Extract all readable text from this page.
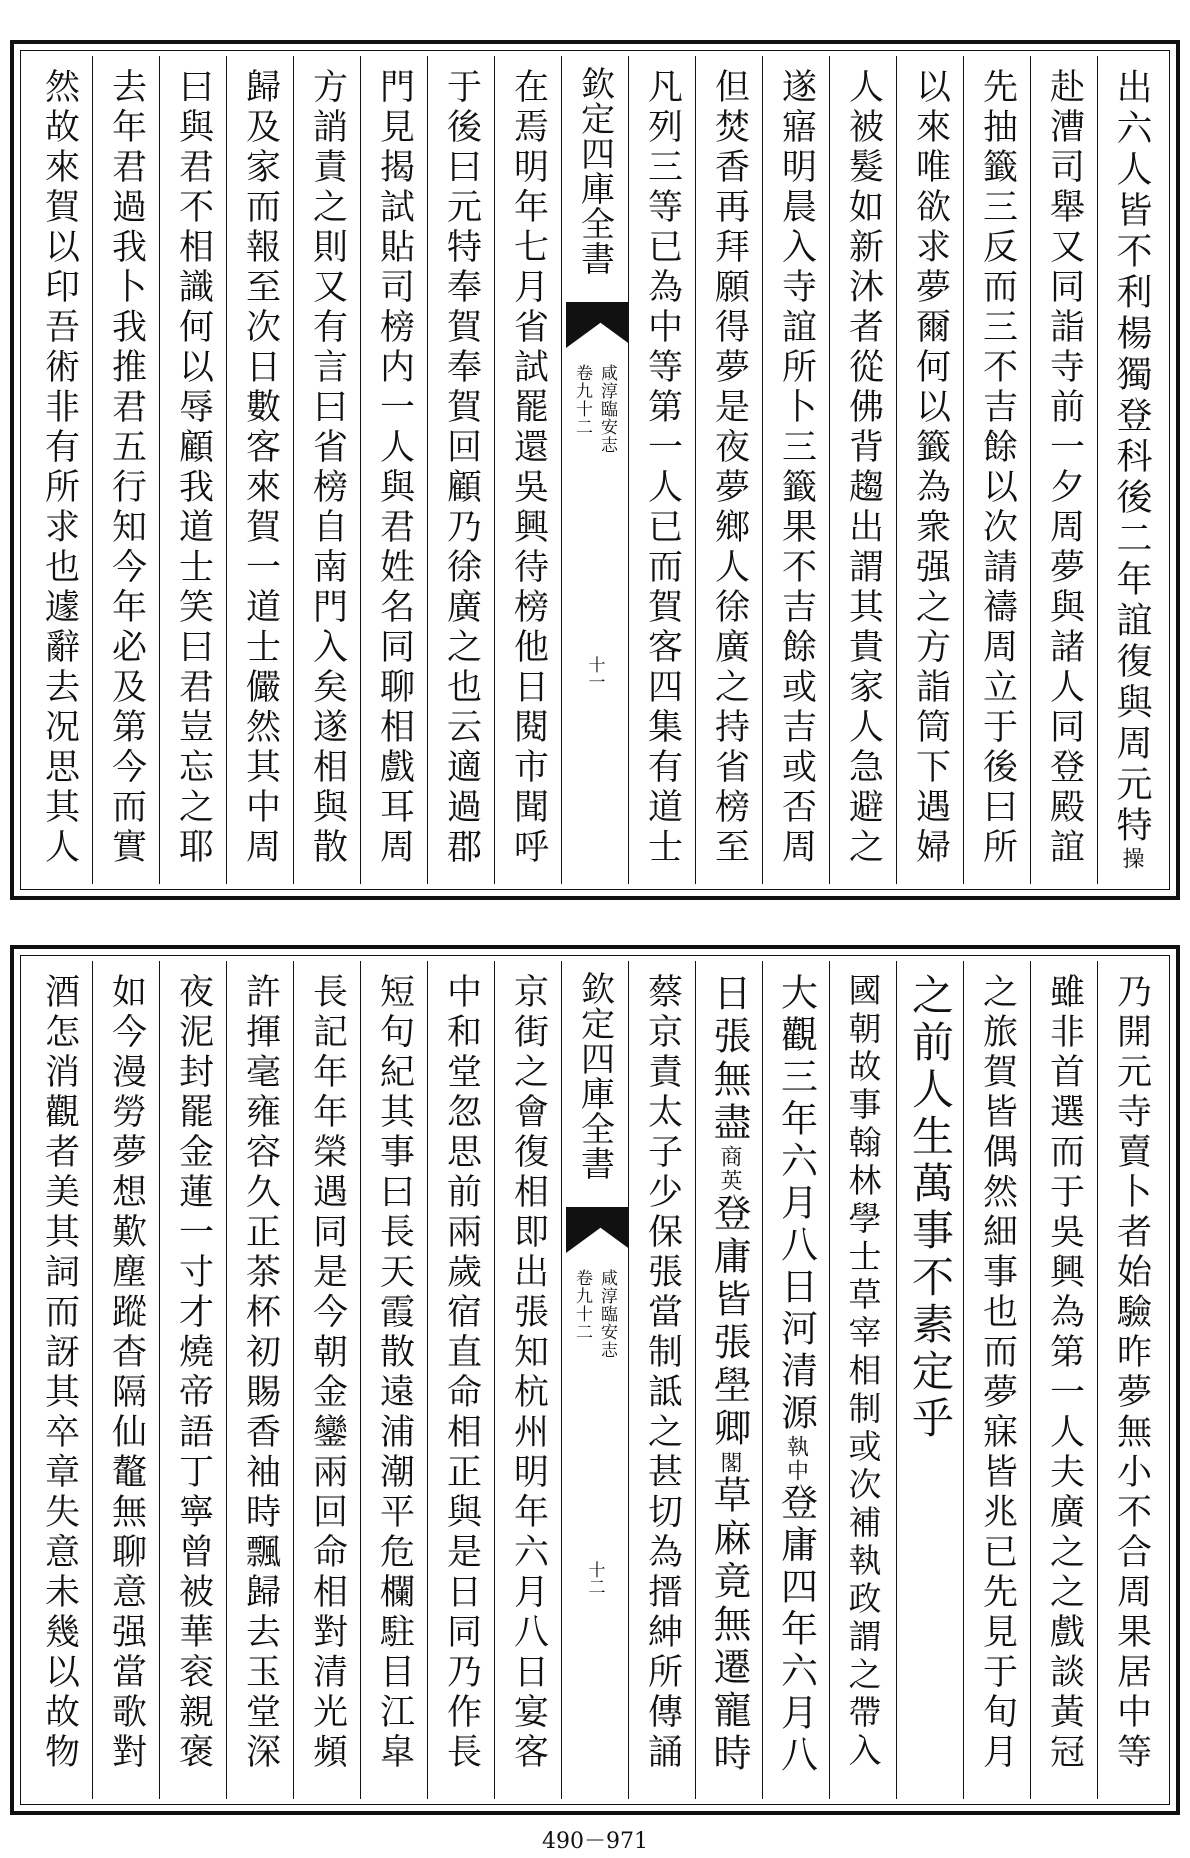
出六人皆不利楊獨登科後二年誼復與周元特操
赴漕司舉又同詣寺前一夕周夢與諸人同登殿誼
先抽籤三反而三不吉餘以次請禱周立于後曰所
以來唯欲求夢爾何以籤為衆强之方詣筒下遇婦
人被髮如新沐者從佛背趨出謂其貴家人急避之
遂寤明晨入寺誼所卜三籤果不吉餘或吉或否周
但焚香再拜願得夢是夜夢鄉人徐廣之持省榜至
凡列三等已為中等第一人已而賀客四集有道士
欽定四庫全書
咸淳臨安志
卷九十二
十一
在焉明年七月省試罷還吳興待榜他日閱市聞呼
于後曰元特奉賀奉賀回顧乃徐廣之也云適過郡
門見揭試貼司榜内一人與君姓名同聊相戲耳周
方誚責之則又有言曰省榜自南門入矣遂相與散
歸及家而報至次日數客來賀一道士儼然其中周
曰與君不相識何以辱顧我道士笑曰君豈忘之耶
去年君過我卜我推君五行知今年必及第今而實
然故來賀以印吾術非有所求也遽辭去况思其人
乃開元寺賣卜者始驗昨夢無小不合周果居中等
雖非首選而于吳興為第一人夫廣之之戲談黃冠
之旅賀皆偶然細事也而夢寐皆兆已先見于旬月
之前人生萬事不素定乎
國朝故事翰林學士草宰相制或次補執政謂之帶入
大觀三年六月八日河清源執中登庸四年六月八
日張無盡商英登庸皆張壆卿閣草麻竟無遷寵時
蔡京責太子少保張當制詆之甚切為搢紳所傳誦
欽定四庫全書
咸淳臨安志
卷九十二
十二
京街之會復相即出張知杭州明年六月八日宴客
中和堂忽思前兩歲宿直命相正與是日同乃作長
短句紀其事曰長天霞散遠浦潮平危欄駐目江皐
長記年年榮遇同是今朝金鑾兩回命相對清光頻
許揮毫雍容久正茶杯初賜香袖時飄歸去玉堂深
夜泥封罷金蓮一寸才燒帝語丁寧曾被華衮親褒
如今漫勞夢想歎塵蹤杳隔仙鼇無聊意强當歌對
酒怎消觀者美其詞而訝其卒章失意未幾以故物
490－971
